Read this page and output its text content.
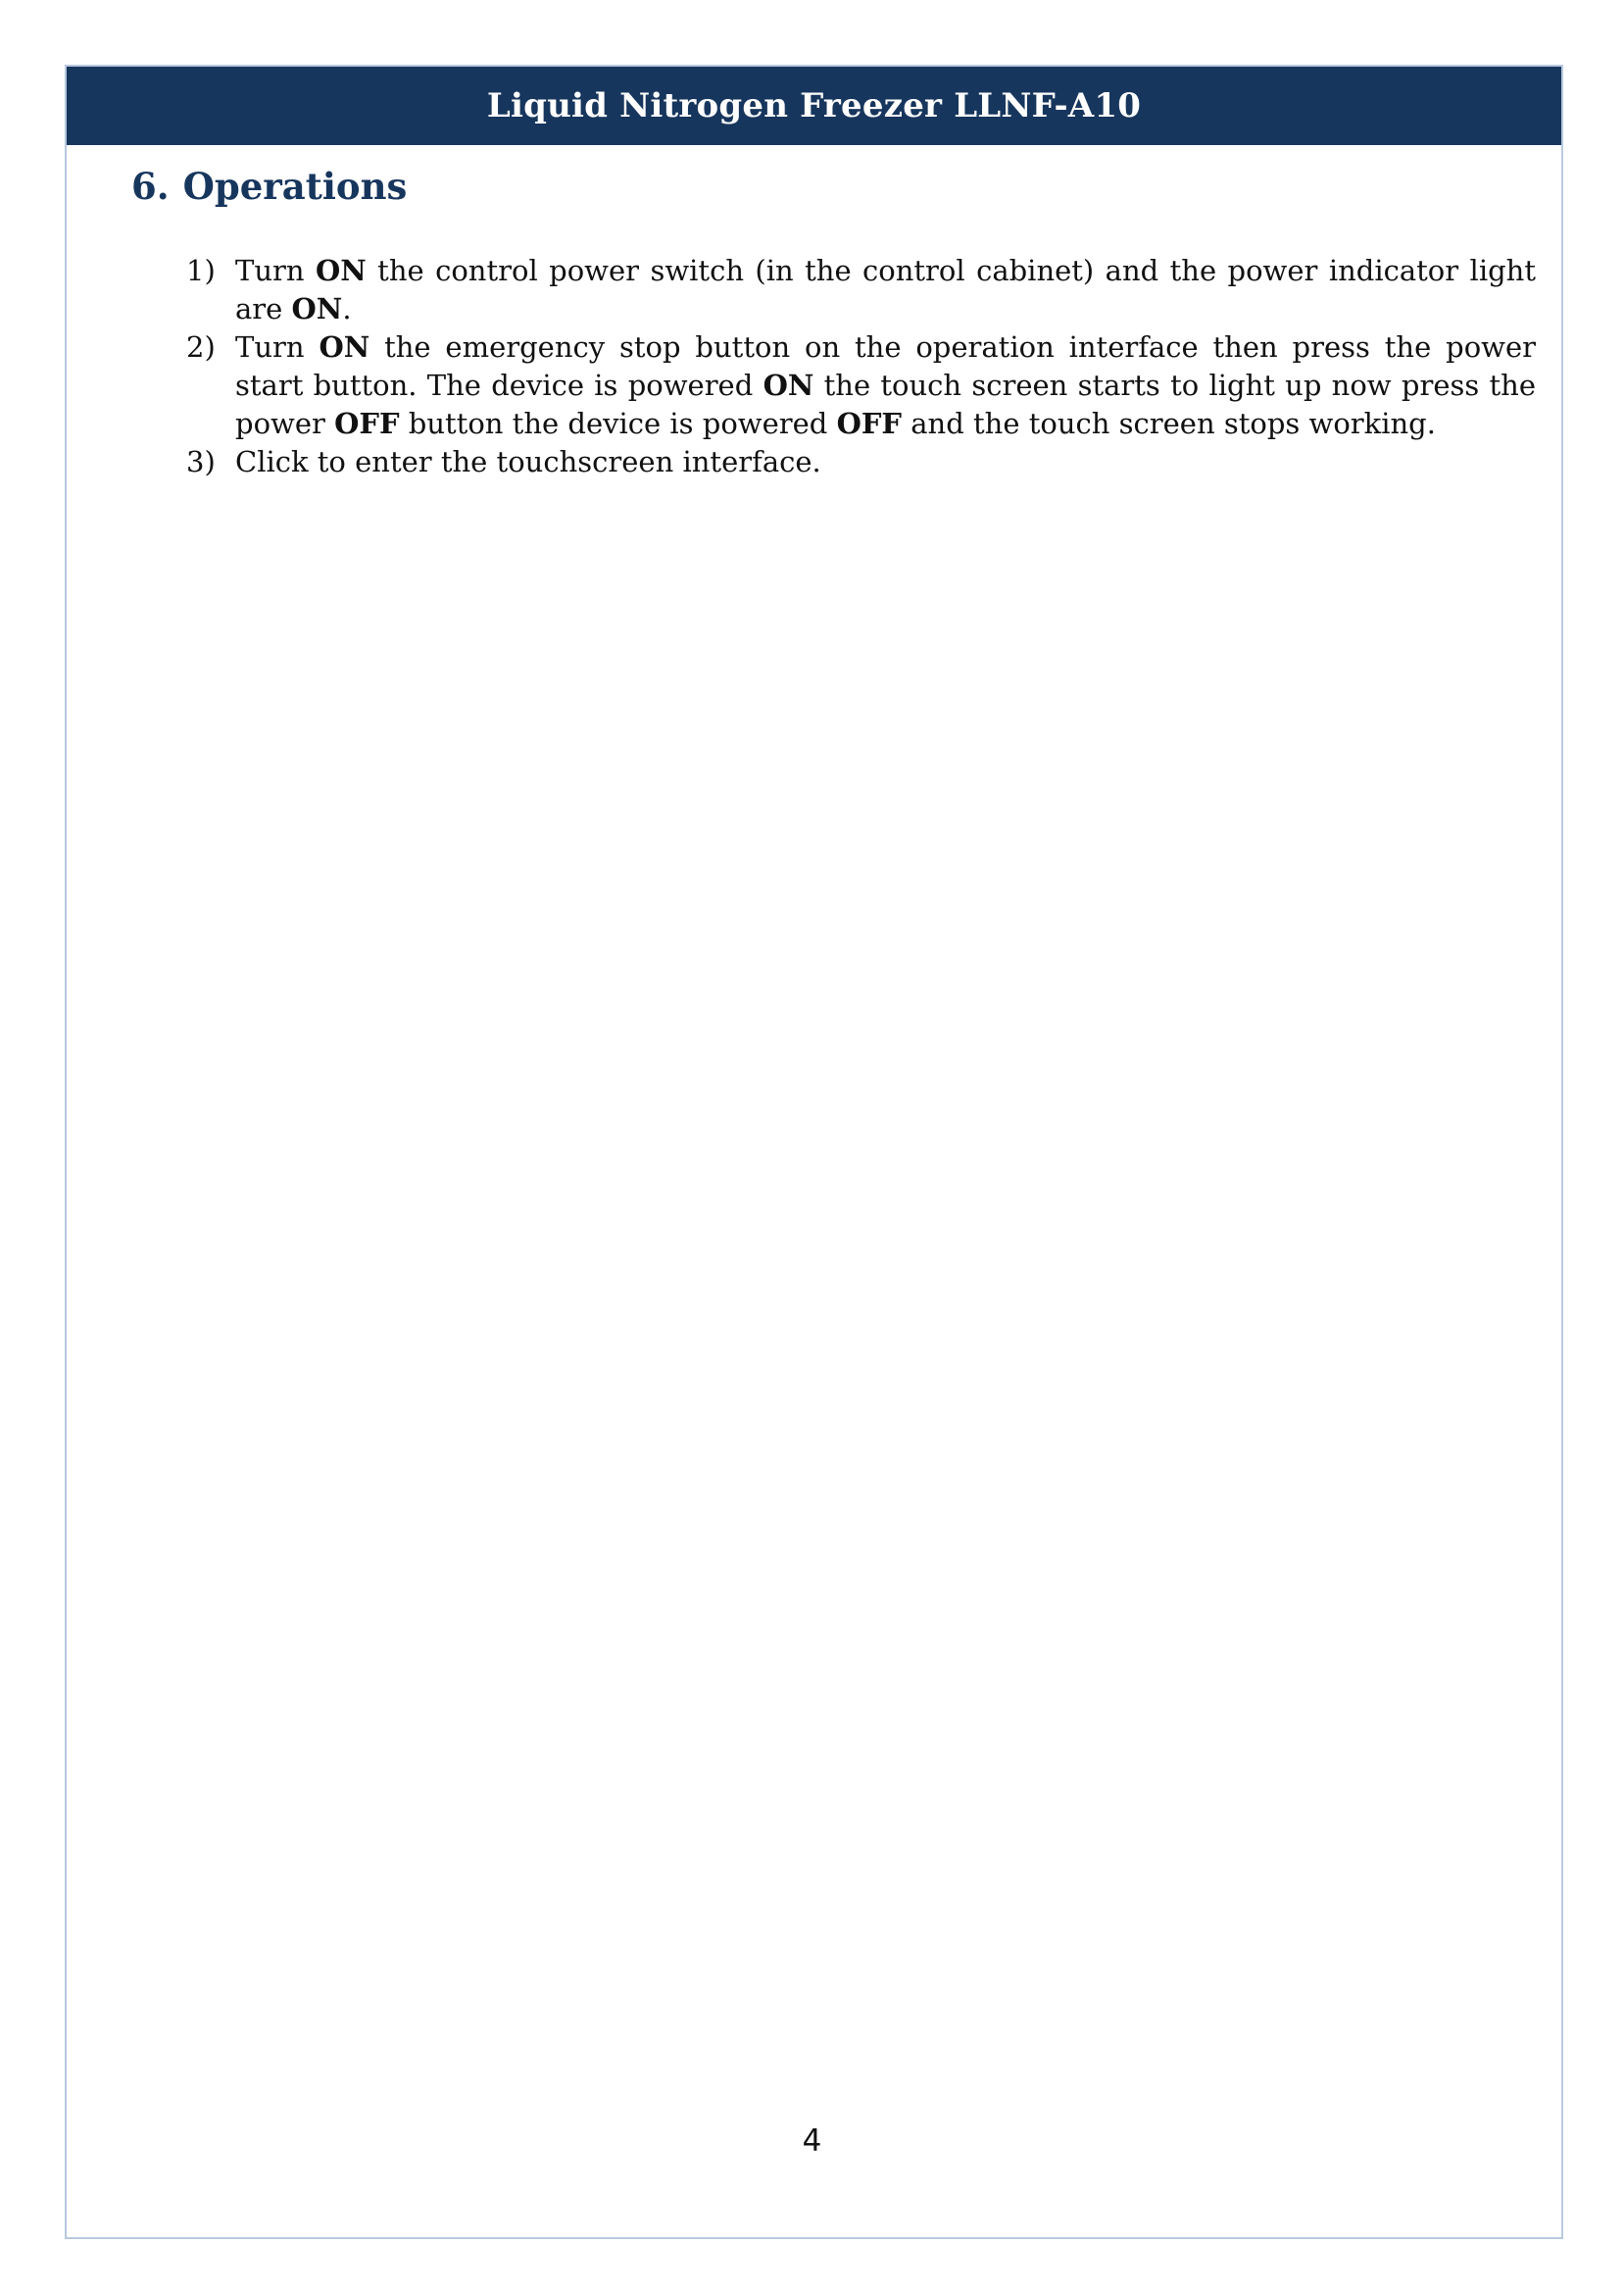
Liquid Nitrogen Freezer LLNF-A10
6. Operations
1) Turn ON the control power switch (in the control cabinet) and the power indicator light are ON.
2) Turn ON the emergency stop button on the operation interface then press the power start button. The device is powered ON the touch screen starts to light up now press the power OFF button the device is powered OFF and the touch screen stops working.
3) Click to enter the touchscreen interface.
4
